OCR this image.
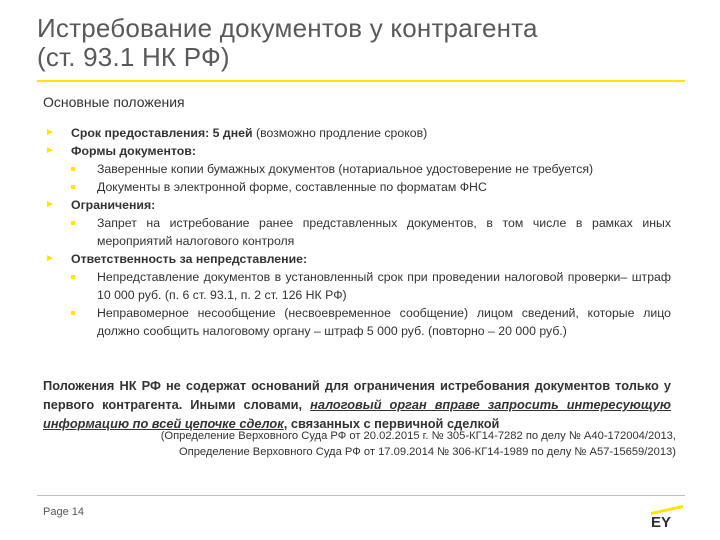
Истребование документов у контрагента
(ст. 93.1 НК РФ)
Основные положения
► Срок предоставления: 5 дней (возможно продление сроков)
► Формы документов:
Заверенные копии бумажных документов (нотариальное удостоверение не требуется)
Документы в электронной форме, составленные по форматам ФНС
► Ограничения:
Запрет на истребование ранее представленных документов, в том числе в рамках иных мероприятий налогового контроля
► Ответственность за непредставление:
Непредставление документов в установленный срок при проведении налоговой проверки– штраф 10 000 руб. (п. 6 ст. 93.1, п. 2 ст. 126 НК РФ)
Неправомерное несообщение (несвоевременное сообщение) лицом сведений, которые лицо должно сообщить налоговому органу – штраф 5 000 руб. (повторно – 20 000 руб.)
Положения НК РФ не содержат оснований для ограничения истребования документов только у первого контрагента. Иными словами, налоговый орган вправе запросить интересующую информацию по всей цепочке сделок, связанных с первичной сделкой
(Определение Верховного Суда РФ от 20.02.2015 г. № 305-КГ14-7282 по делу № А40-172004/2013,
Определение Верховного Суда РФ от 17.09.2014 № 306-КГ14-1989 по делу № А57-15659/2013)
Page 14
EY
